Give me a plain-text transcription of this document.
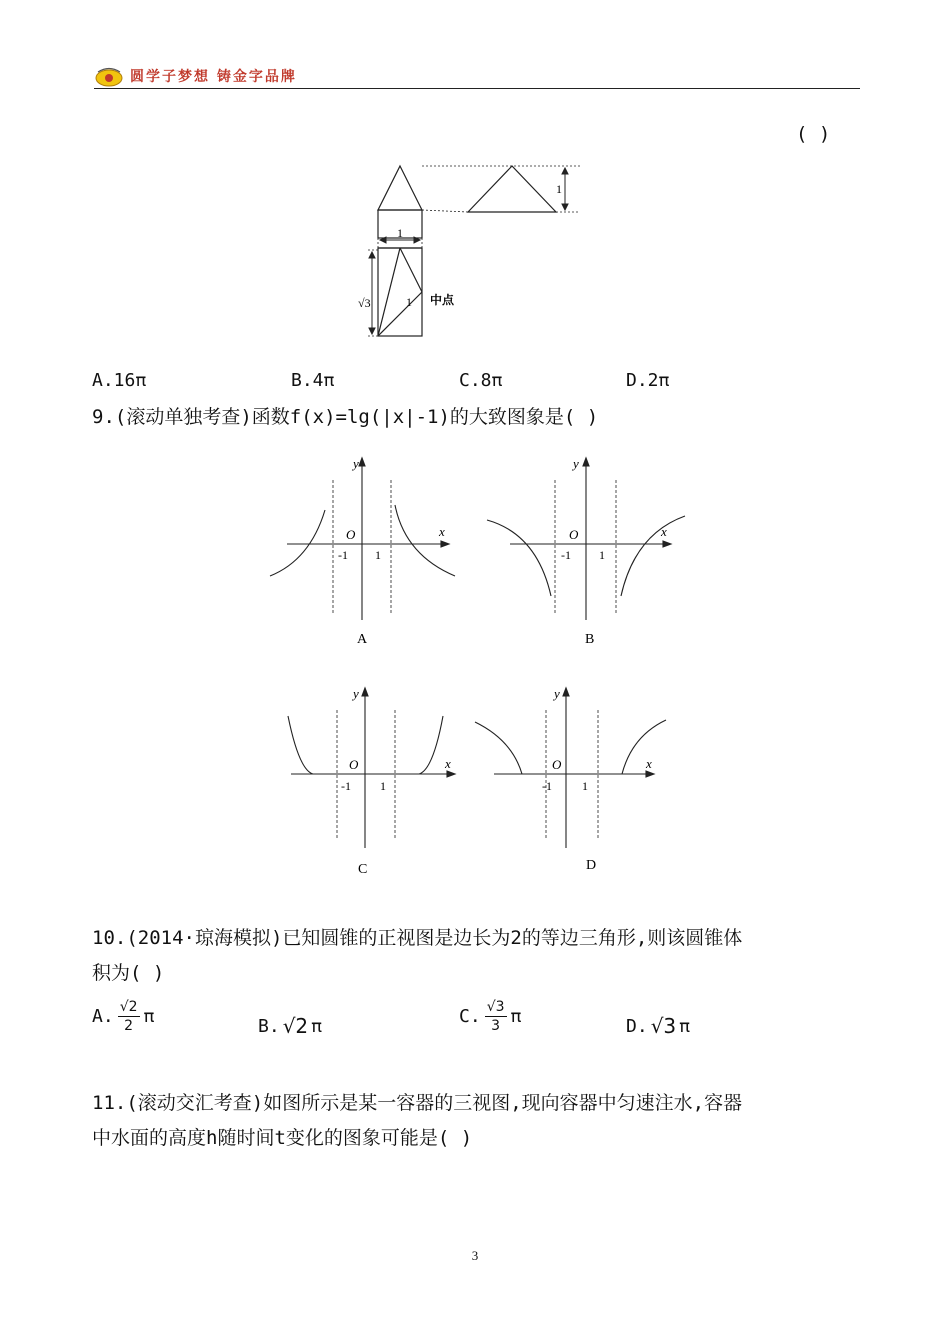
圆学子梦想 铸金字品牌
( )
1
1
√3	1 中点
A.16π	B.4π	C.8π	D.2π
9.(滚动单独考查)函数f(x)=lg(|x|-1)的大致图象是( )
y
x
O
-1 1
A
y
x
O
-1 1
B
y
x
O
-1 1
C
y
x
O
-1	1
D
10.(2014·琼海模拟)已知圆锥的正视图是边长为2的等边三角形,则该圆锥体
积为( )
A. $\frac{√2}{2}$ π	B. √2 π	C. $\frac{√3}{3}$ π	D. √3 π
11.(滚动交汇考查)如图所示是某一容器的三视图,现向容器中匀速注水,容器
中水面的高度h随时间t变化的图象可能是( )
3
